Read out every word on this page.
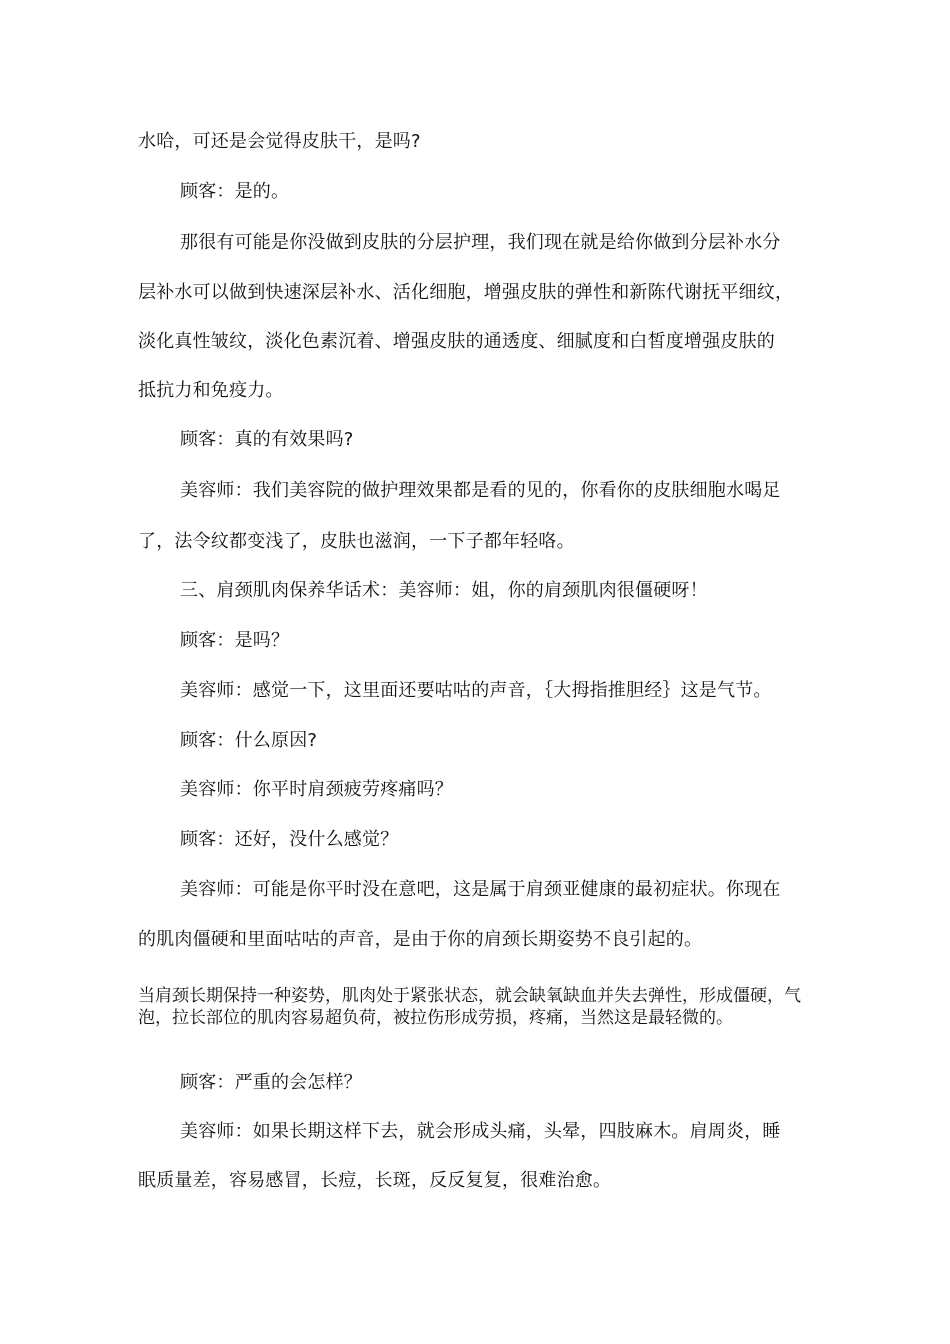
水哈，可还是会觉得皮肤干，是吗?
顾客：是的。
那很有可能是你没做到皮肤的分层护理，我们现在就是给你做到分层补水分
层补水可以做到快速深层补水、活化细胞，增强皮肤的弹性和新陈代谢抚平细纹，
淡化真性皱纹，淡化色素沉着、增强皮肤的通透度、细腻度和白皙度增强皮肤的
抵抗力和免疫力。
顾客：真的有效果吗?
美容师：我们美容院的做护理效果都是看的见的，你看你的皮肤细胞水喝足
了，法令纹都变浅了，皮肤也滋润，一下子都年轻咯。
三、肩颈肌肉保养华话术：美容师：姐，你的肩颈肌肉很僵硬呀！
顾客：是吗？
美容师：感觉一下，这里面还要咕咕的声音，｛大拇指推胆经｝这是气节。
顾客：什么原因?
美容师：你平时肩颈疲劳疼痛吗？
顾客：还好，没什么感觉？
美容师：可能是你平时没在意吧，这是属于肩颈亚健康的最初症状。你现在
的肌肉僵硬和里面咕咕的声音，是由于你的肩颈长期姿势不良引起的。
当肩颈长期保持一种姿势，肌肉处于紧张状态，就会缺氧缺血并失去弹性，形成僵硬，气泡，拉长部位的肌肉容易超负荷，被拉伤形成劳损，疼痛，当然这是最轻微的。
顾客：严重的会怎样？
美容师：如果长期这样下去，就会形成头痛，头晕，四肢麻木。肩周炎，睡
眠质量差，容易感冒，长痘，长斑，反反复复，很难治愈。
